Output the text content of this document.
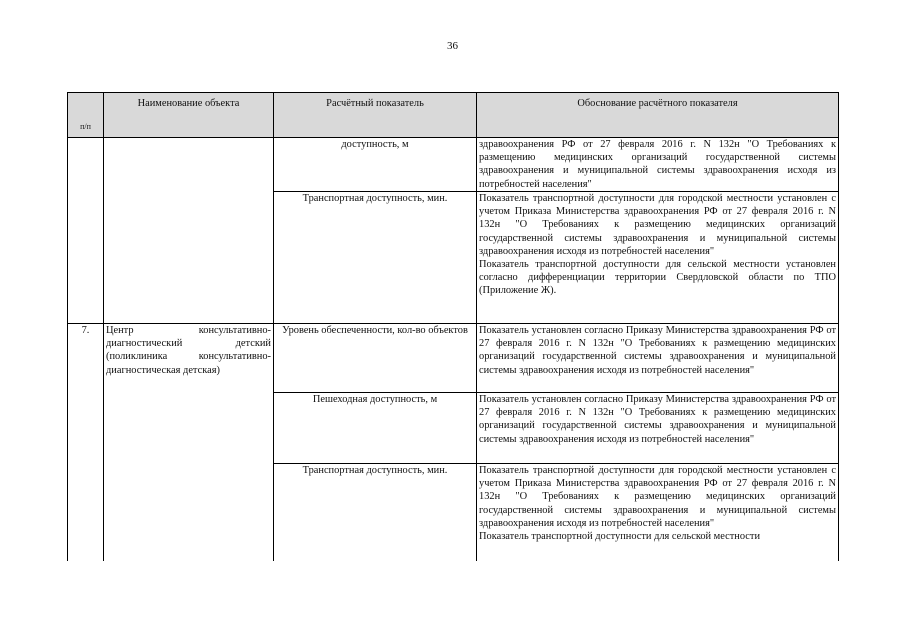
36
п/п	Наименование объекта	Расчётный показатель	Обоснование расчётного показателя
		доступность, м	здравоохранения РФ от 27 февраля 2016 г. N 132н "О Требованиях к размещению медицинских организаций государственной системы здравоохранения и муниципальной системы здравоохранения исходя из потребностей населения"

		Транспортная доступность, мин.	Показатель транспортной доступности для городской местности установлен с учетом Приказа Министерства здравоохранения РФ от 27 февраля 2016 г. N 132н "О Требованиях к размещению медицинских организаций государственной системы здравоохранения и муниципальной системы здравоохранения исходя из потребностей населения"
Показатель транспортной доступности для сельской местности установлен согласно дифференциации территории Свердловской области по ТПО (Приложение Ж).

7.	Центр консультативно-диагностический детский (поликлиника консультативно-диагностическая детская)	Уровень обеспеченности, кол-во объектов	Показатель установлен согласно Приказу Министерства здравоохранения РФ от 27 февраля 2016 г. N 132н "О Требованиях к размещению медицинских организаций государственной системы здравоохранения и муниципальной системы здравоохранения исходя из потребностей населения"

		Пешеходная доступность, м	Показатель установлен согласно Приказу Министерства здравоохранения РФ от 27 февраля 2016 г. N 132н "О Требованиях к размещению медицинских организаций государственной системы здравоохранения и муниципальной системы здравоохранения исходя из потребностей населения"

		Транспортная доступность, мин.	Показатель транспортной доступности для городской местности установлен с учетом Приказа Министерства здравоохранения РФ от 27 февраля 2016 г. N 132н "О Требованиях к размещению медицинских организаций государственной системы здравоохранения и муниципальной системы здравоохранения исходя из потребностей населения"
Показатель транспортной доступности для сельской местности
